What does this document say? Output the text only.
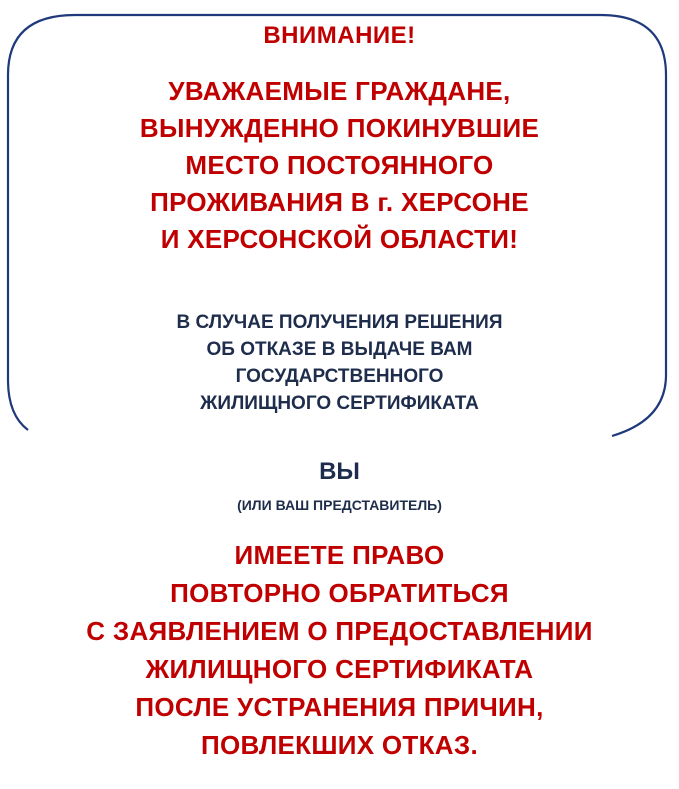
ВНИМАНИЕ!
УВАЖАЕМЫЕ ГРАЖДАНЕ,
ВЫНУЖДЕННО ПОКИНУВШИЕ
МЕСТО ПОСТОЯННОГО
ПРОЖИВАНИЯ В г. ХЕРСОНЕ
И ХЕРСОНСКОЙ ОБЛАСТИ!
В СЛУЧАЕ ПОЛУЧЕНИЯ РЕШЕНИЯ
ОБ ОТКАЗЕ В ВЫДАЧЕ ВАМ
ГОСУДАРСТВЕННОГО
ЖИЛИЩНОГО СЕРТИФИКАТА
ВЫ
(ИЛИ ВАШ ПРЕДСТАВИТЕЛЬ)
ИМЕЕТЕ ПРАВО
ПОВТОРНО ОБРАТИТЬСЯ
С ЗАЯВЛЕНИЕМ О ПРЕДОСТАВЛЕНИИ
ЖИЛИЩНОГО СЕРТИФИКАТА
ПОСЛЕ УСТРАНЕНИЯ ПРИЧИН,
ПОВЛЕКШИХ ОТКАЗ.
